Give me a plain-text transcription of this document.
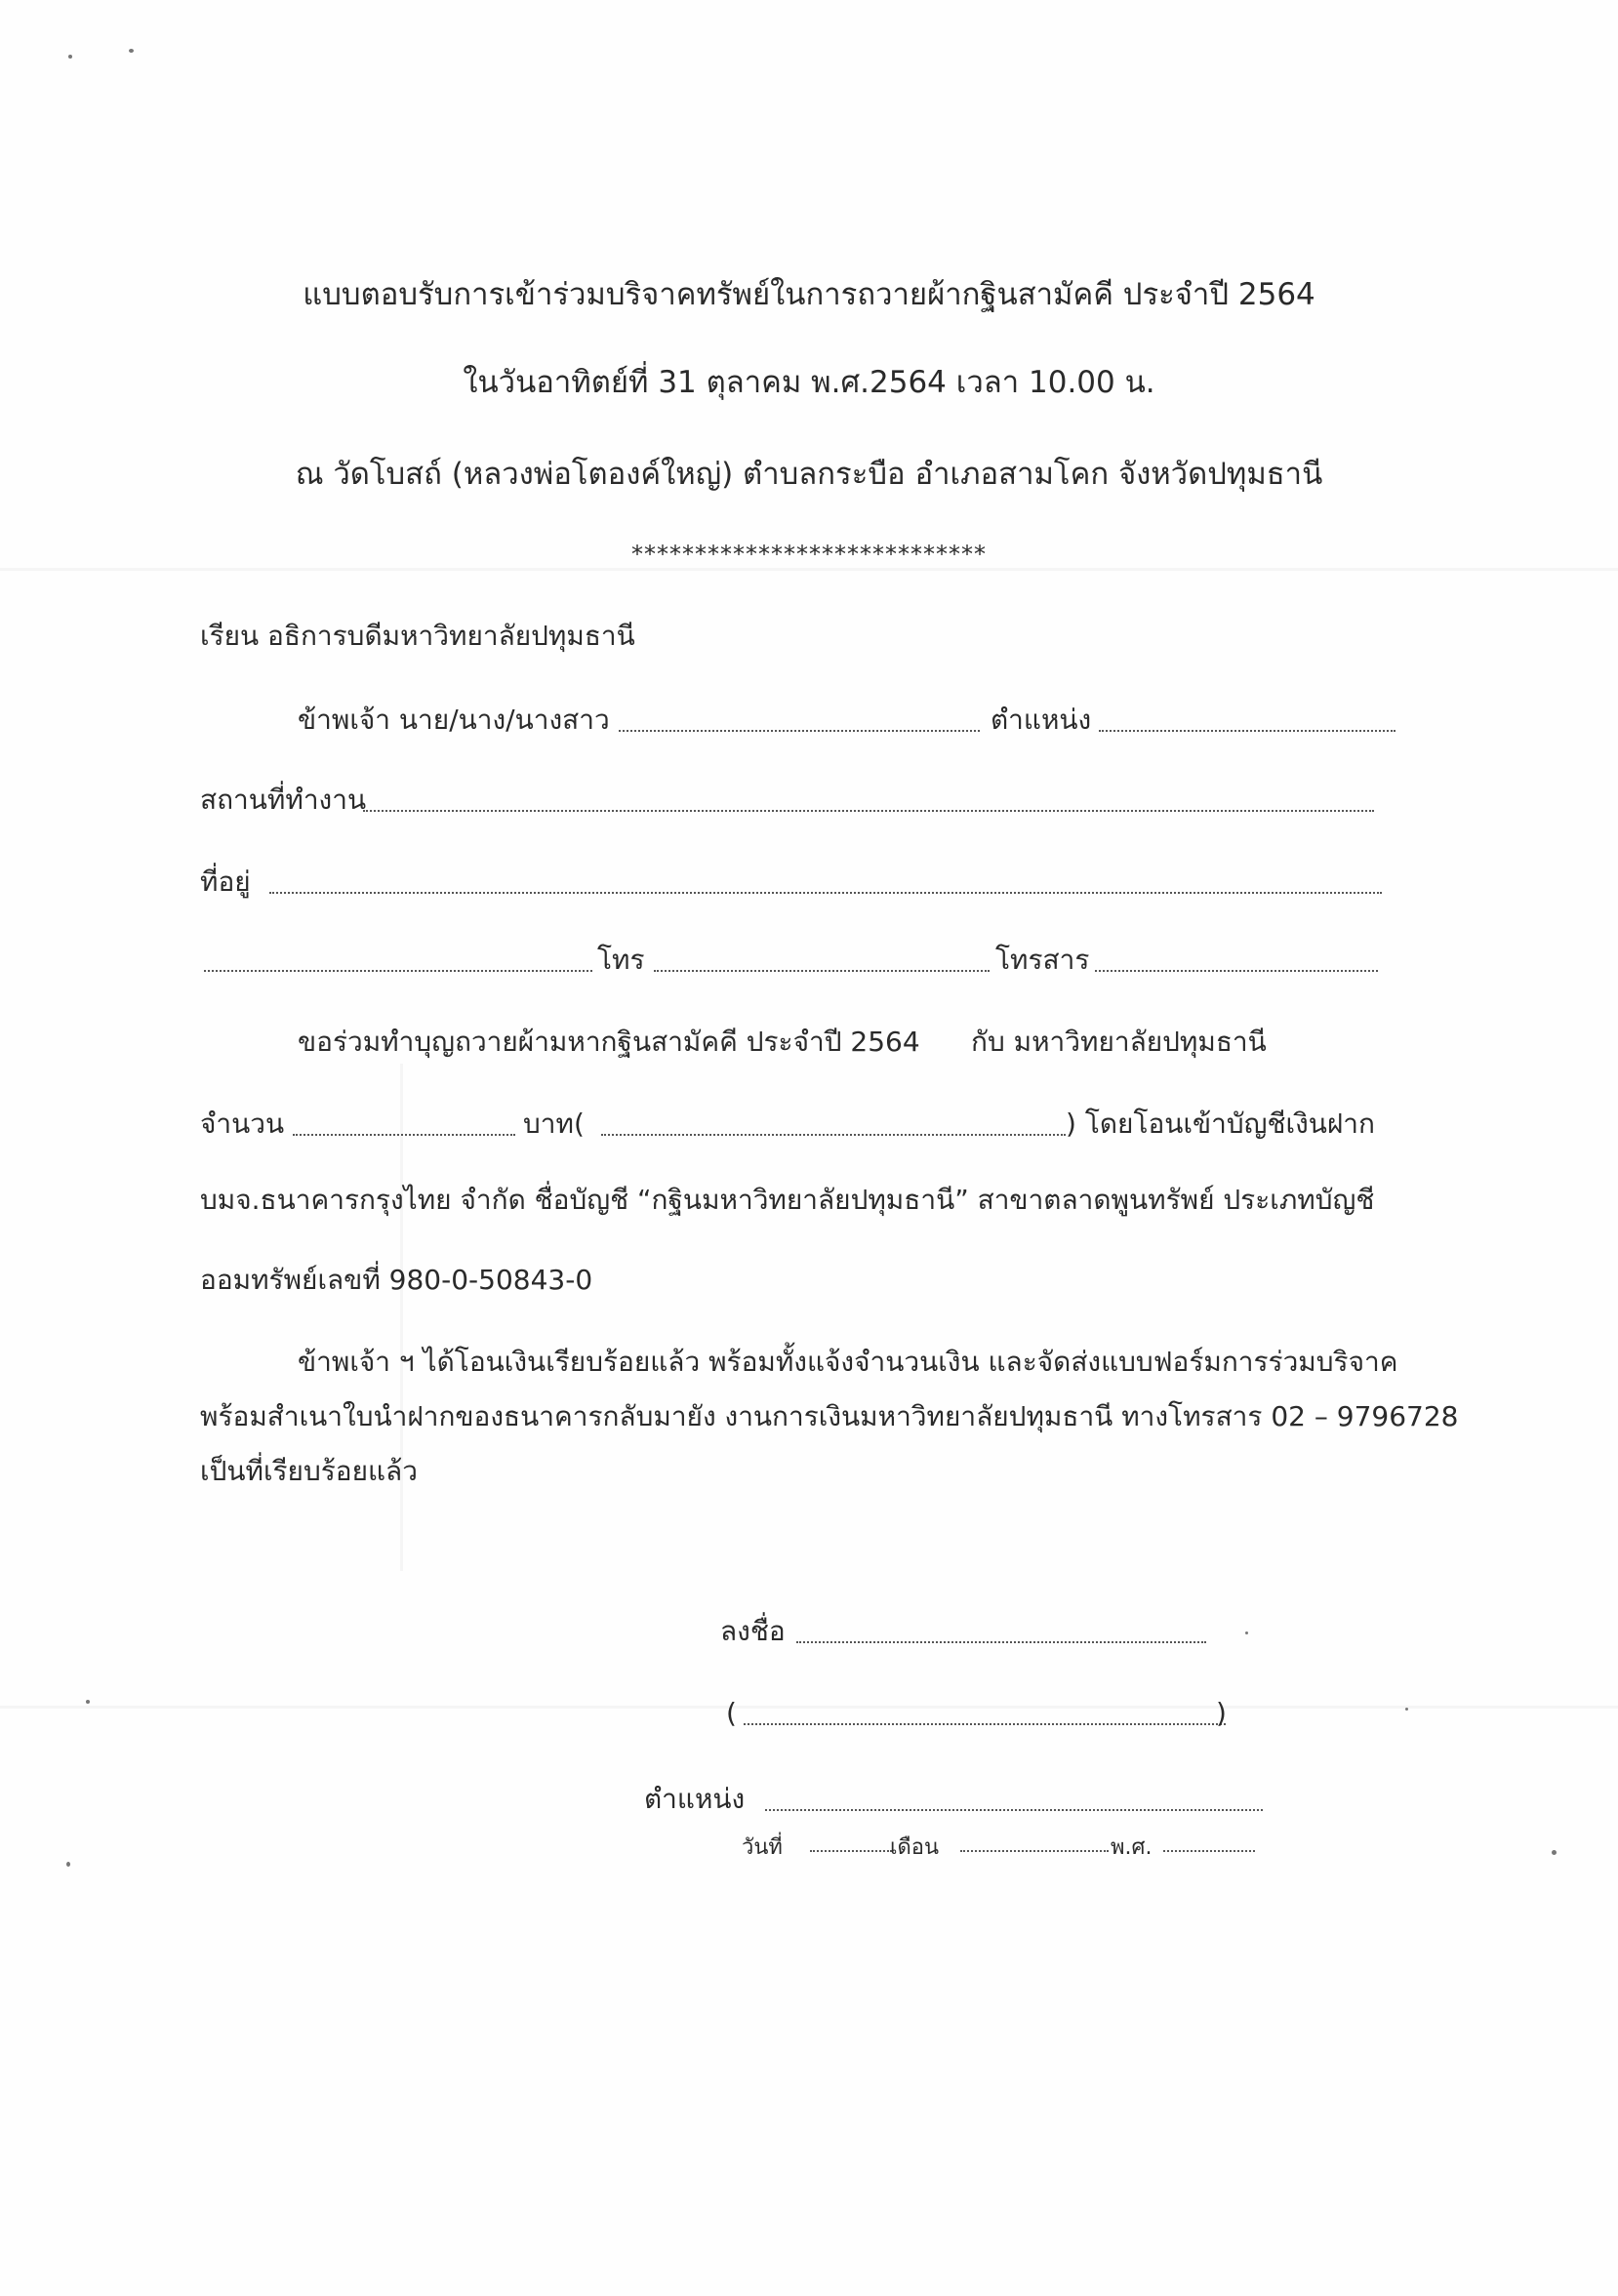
แบบตอบรับการเข้าร่วมบริจาคทรัพย์ในการถวายผ้ากฐินสามัคคี ประจำปี 2564
ในวันอาทิตย์ที่ 31 ตุลาคม พ.ศ.2564 เวลา 10.00 น.
ณ วัดโบสถ์ (หลวงพ่อโตองค์ใหญ่) ตำบลกระบือ อำเภอสามโคก จังหวัดปทุมธานี
****************************
เรียน อธิการบดีมหาวิทยาลัยปทุมธานี
ข้าพเจ้า นาย/นาง/นางสาว	ตำแหน่ง
สถานที่ทำงาน
ที่อยู่
โทร	โทรสาร
ขอร่วมทำบุญถวายผ้ามหากฐินสามัคคี ประจำปี 2564 กับ มหาวิทยาลัยปทุมธานี
จำนวน	บาท(	) โดยโอนเข้าบัญชีเงินฝาก
บมจ.ธนาคารกรุงไทย จำกัด ชื่อบัญชี “กฐินมหาวิทยาลัยปทุมธานี” สาขาตลาดพูนทรัพย์ ประเภทบัญชี
ออมทรัพย์เลขที่ 980-0-50843-0
ข้าพเจ้า ฯ ได้โอนเงินเรียบร้อยแล้ว พร้อมทั้งแจ้งจำนวนเงิน และจัดส่งแบบฟอร์มการร่วมบริจาค
พร้อมสำเนาใบนำฝากของธนาคารกลับมายัง งานการเงินมหาวิทยาลัยปทุมธานี ทางโทรสาร 02 – 9796728
เป็นที่เรียบร้อยแล้ว
ลงชื่อ
(	)
ตำแหน่ง
วันที่	เดือน	พ.ศ.
